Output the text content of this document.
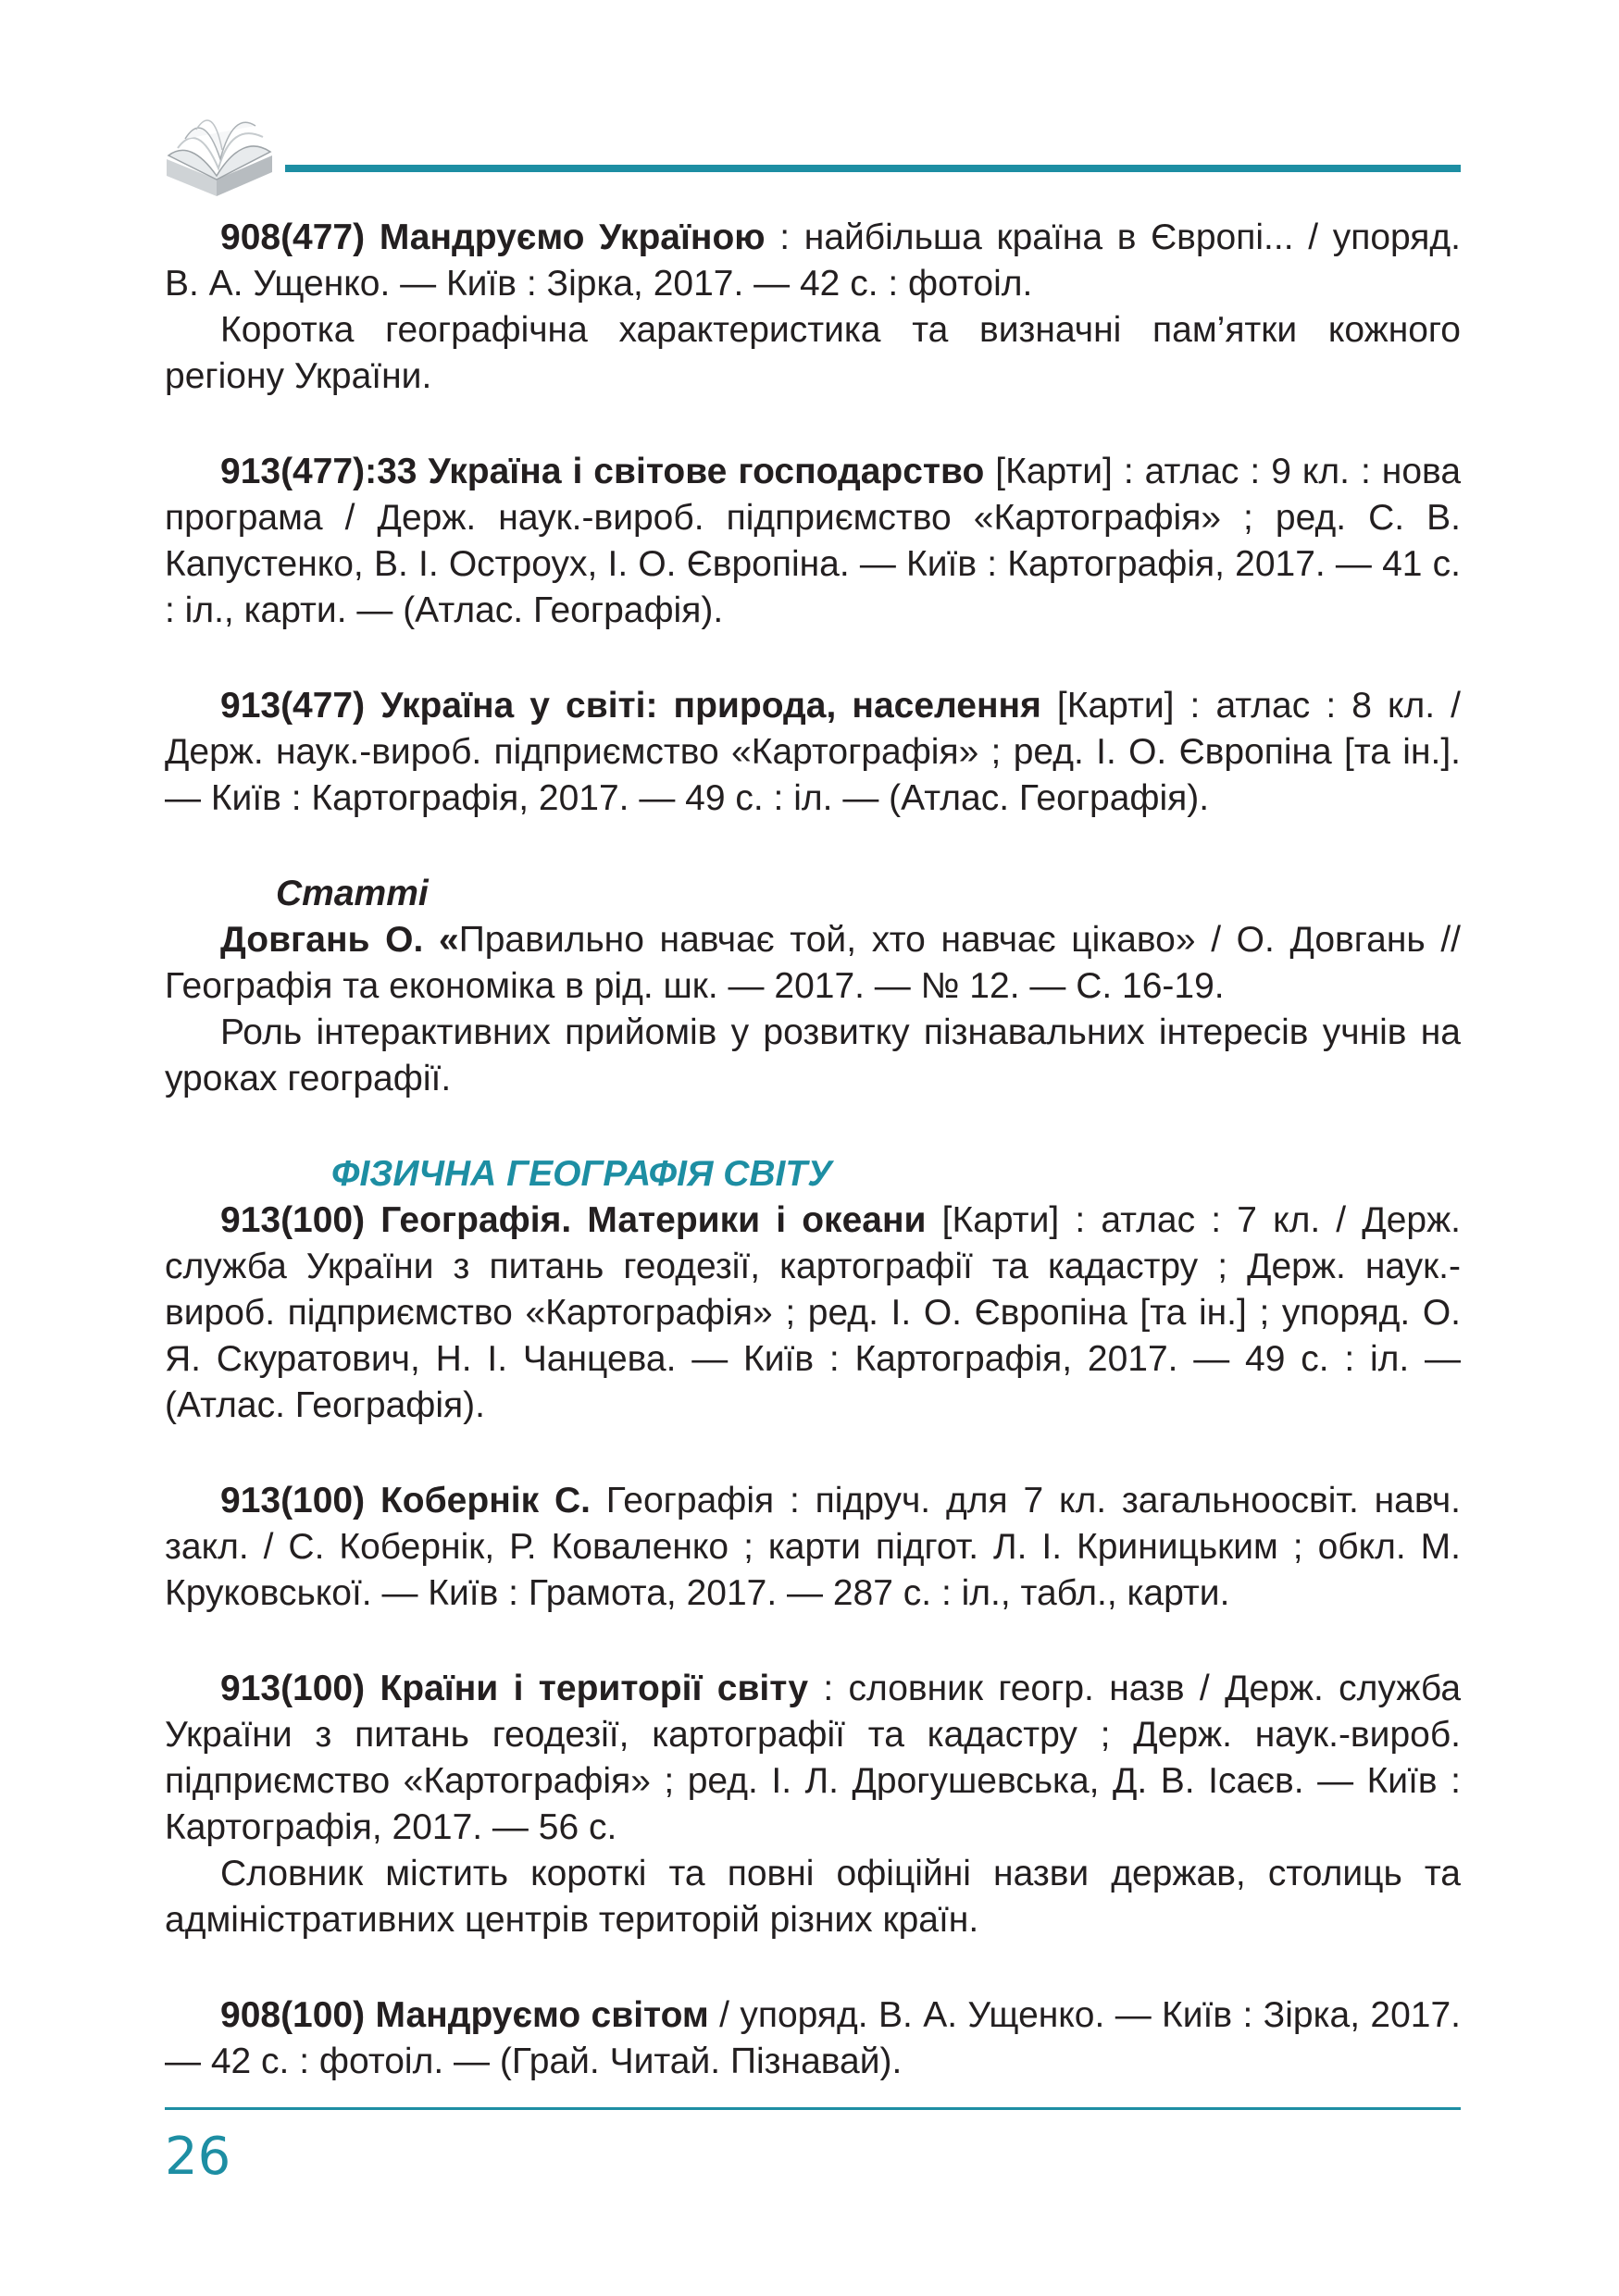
908(477) Мандруємо Україною : найбільша країна в Європі... / упоряд. В. А. Ущенко. — Київ : Зірка, 2017. — 42 с. : фотоіл.

Коротка географічна характеристика та визначні пам’ятки кожного регіону України.

913(477):33 Україна і світове господарство [Карти] : атлас : 9 кл. : нова програма / Держ. наук.-вироб. підприємство «Картографія» ; ред. С. В. Капустенко, В. І. Остроух, І. О. Європіна. — Київ : Картографія, 2017. — 41 с. : іл., карти. — (Атлас. Географія).

913(477) Україна у світі: природа, населення [Карти] : атлас : 8 кл. / Держ. наук.-вироб. підприємство «Картографія» ; ред. І. О. Європіна [та ін.]. — Київ : Картографія, 2017. — 49 с. : іл. — (Атлас. Географія).

Статті

Довгань О. «Правильно навчає той, хто навчає цікаво» / О. Довгань // Географія та економіка в рід. шк. — 2017. — № 12. — С. 16-19.

Роль інтерактивних прийомів у розвитку пізнавальних інтересів учнів на уроках географії.

ФІЗИЧНА ГЕОГРАФІЯ СВІТУ

913(100) Географія. Материки і океани [Карти] : атлас : 7 кл. / Держ. служба України з питань геодезії, картографії та кадастру ; Держ. наук.-вироб. підприємство «Картографія» ; ред. І. О. Європіна [та ін.] ; упоряд. О. Я. Скуратович, Н. І. Чанцева. — Київ : Картографія, 2017. — 49 с. : іл. — (Атлас. Географія).

913(100) Кобернік С. Географія : підруч. для 7 кл. загальноосвіт. навч. закл. / С. Кобернік, Р. Коваленко ; карти підгот. Л. І. Криницьким ; обкл. М. Круковської. — Київ : Грамота, 2017. — 287 с. : іл., табл., карти.

913(100) Країни і території світу : словник геогр. назв / Держ. служба України з питань геодезії, картографії та кадастру ; Держ. наук.-вироб. підприємство «Картографія» ; ред. І. Л. Дрогушевська, Д. В. Ісаєв. — Київ : Картографія, 2017. — 56 с.

Словник містить короткі та повні офіційні назви держав, столиць та адміністративних центрів територій різних країн.

908(100) Мандруємо світом / упоряд. В. А. Ущенко. — Київ : Зірка, 2017. — 42 с. : фотоіл. — (Грай. Читай. Пізнавай).

26
